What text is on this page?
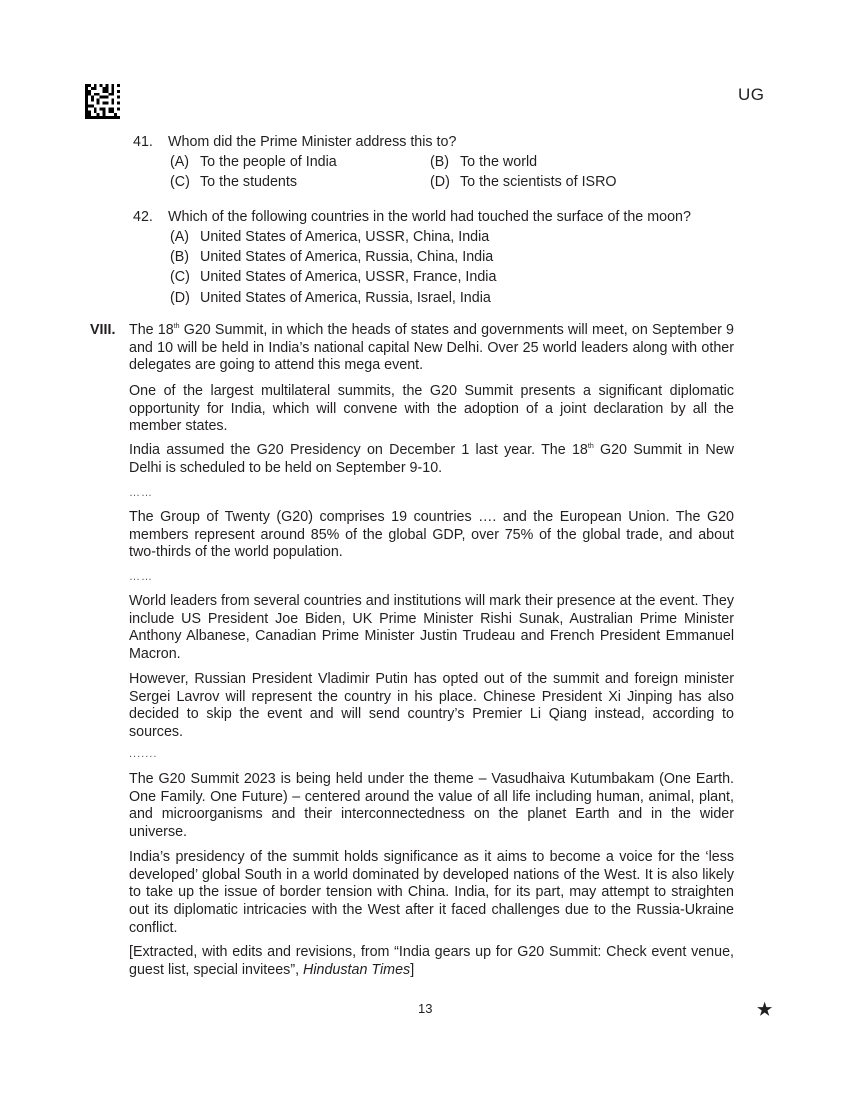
UG
41. Whom did the Prime Minister address this to?
(A) To the people of India	(B) To the world
(C) To the students	(D) To the scientists of ISRO
42. Which of the following countries in the world had touched the surface of the moon?
(A) United States of America, USSR, China, India
(B) United States of America, Russia, China, India
(C) United States of America, USSR, France, India
(D) United States of America, Russia, Israel, India
VIII. The 18th G20 Summit, in which the heads of states and governments will meet, on September 9 and 10 will be held in India’s national capital New Delhi. Over 25 world leaders along with other delegates are going to attend this mega event.

One of the largest multilateral summits, the G20 Summit presents a significant diplomatic opportunity for India, which will convene with the adoption of a joint declaration by all the member states.

India assumed the G20 Presidency on December 1 last year. The 18th G20 Summit in New Delhi is scheduled to be held on September 9-10.

……

The Group of Twenty (G20) comprises 19 countries …. and the European Union. The G20 members represent around 85% of the global GDP, over 75% of the global trade, and about two-thirds of the world population.

……

World leaders from several countries and institutions will mark their presence at the event. They include US President Joe Biden, UK Prime Minister Rishi Sunak, Australian Prime Minister Anthony Albanese, Canadian Prime Minister Justin Trudeau and French President Emmanuel Macron.

However, Russian President Vladimir Putin has opted out of the summit and foreign minister Sergei Lavrov will represent the country in his place. Chinese President Xi Jinping has also decided to skip the event and will send country’s Premier Li Qiang instead, according to sources.

.......

The G20 Summit 2023 is being held under the theme – Vasudhaiva Kutumbakam (One Earth. One Family. One Future) – centered around the value of all life including human, animal, plant, and microorganisms and their interconnectedness on the planet Earth and in the wider universe.

India’s presidency of the summit holds significance as it aims to become a voice for the ‘less developed’ global South in a world dominated by developed nations of the West. It is also likely to take up the issue of border tension with China. India, for its part, may attempt to straighten out its diplomatic intricacies with the West after it faced challenges due to the Russia-Ukraine conflict.

[Extracted, with edits and revisions, from “India gears up for G20 Summit: Check event venue, guest list, special invitees”, Hindustan Times]

13	★
